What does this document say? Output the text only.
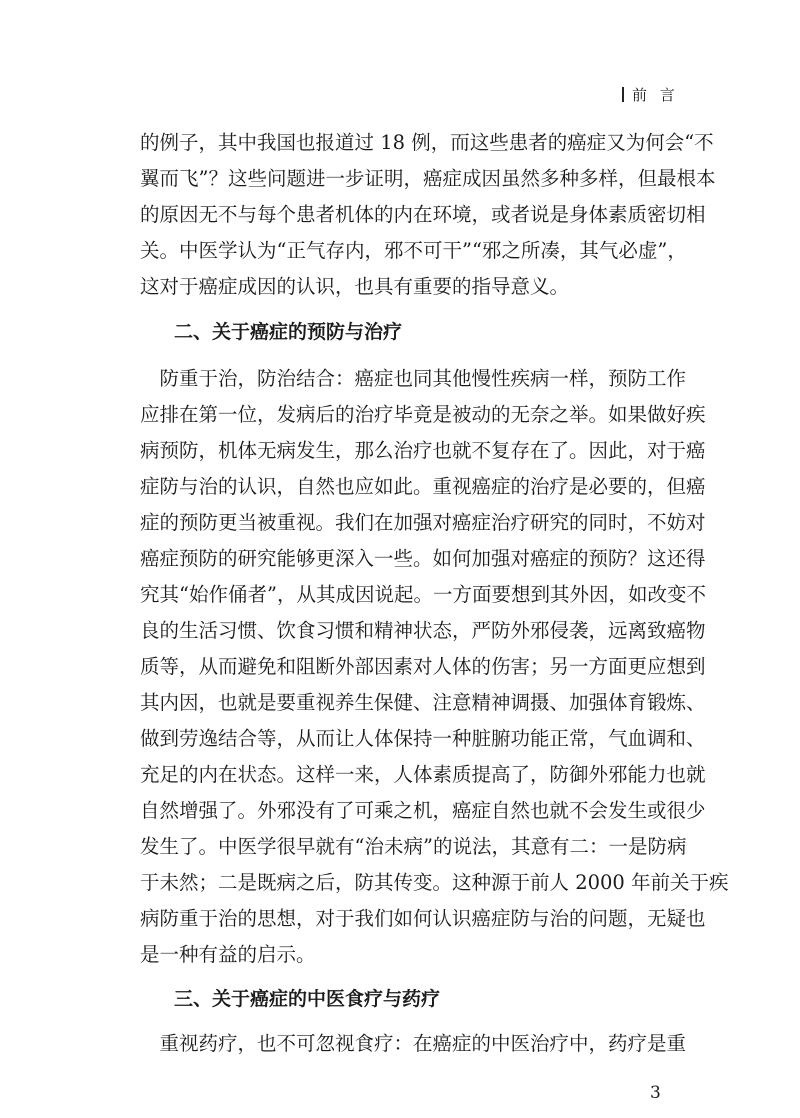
前 言
的例子，其中我国也报道过 18 例，而这些患者的癌症又为何会“不
翼而飞”？这些问题进一步证明，癌症成因虽然多种多样，但最根本
的原因无不与每个患者机体的内在环境，或者说是身体素质密切相
关。中医学认为“正气存内，邪不可干”“邪之所凑，其气必虚”，
这对于癌症成因的认识，也具有重要的指导意义。
二、关于癌症的预防与治疗
　防重于治，防治结合：癌症也同其他慢性疾病一样，预防工作
应排在第一位，发病后的治疗毕竟是被动的无奈之举。如果做好疾
病预防，机体无病发生，那么治疗也就不复存在了。因此，对于癌
症防与治的认识，自然也应如此。重视癌症的治疗是必要的，但癌
症的预防更当被重视。我们在加强对癌症治疗研究的同时，不妨对
癌症预防的研究能够更深入一些。如何加强对癌症的预防？这还得
究其“始作俑者”，从其成因说起。一方面要想到其外因，如改变不
良的生活习惯、饮食习惯和精神状态，严防外邪侵袭，远离致癌物
质等，从而避免和阻断外部因素对人体的伤害；另一方面更应想到
其内因，也就是要重视养生保健、注意精神调摄、加强体育锻炼、
做到劳逸结合等，从而让人体保持一种脏腑功能正常，气血调和、
充足的内在状态。这样一来，人体素质提高了，防御外邪能力也就
自然增强了。外邪没有了可乘之机，癌症自然也就不会发生或很少
发生了。中医学很早就有“治未病”的说法，其意有二：一是防病
于未然；二是既病之后，防其传变。这种源于前人 2000 年前关于疾
病防重于治的思想，对于我们如何认识癌症防与治的问题，无疑也
是一种有益的启示。
三、关于癌症的中医食疗与药疗
　重视药疗，也不可忽视食疗：在癌症的中医治疗中，药疗是重
3
